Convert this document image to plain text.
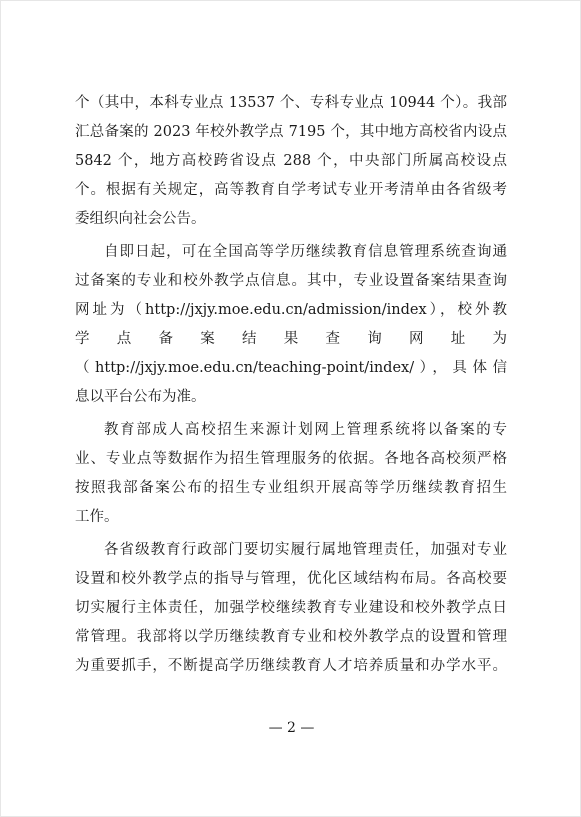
个（其中，本科专业点 13537 个、专科专业点 10944 个）。我部
汇总备案的 2023 年校外教学点 7195 个，其中地方高校省内设点
5842 个，地方高校跨省设点 288 个，中央部门所属高校设点
个。根据有关规定，高等教育自学考试专业开考清单由各省级考
委组织向社会公告。
自即日起，可在全国高等学历继续教育信息管理系统查询通
过备案的专业和校外教学点信息。其中，专业设置备案结果查询
网址为（http://jxjy.moe.edu.cn/admission/index），校外教
学　点　备　案　结　果　查　询　网　址　为
（http://jxjy.moe.edu.cn/teaching-point/index/），具体信
息以平台公布为准。
教育部成人高校招生来源计划网上管理系统将以备案的专
业、专业点等数据作为招生管理服务的依据。各地各高校须严格
按照我部备案公布的招生专业组织开展高等学历继续教育招生
工作。
各省级教育行政部门要切实履行属地管理责任，加强对专业
设置和校外教学点的指导与管理，优化区域结构布局。各高校要
切实履行主体责任，加强学校继续教育专业建设和校外教学点日
常管理。我部将以学历继续教育专业和校外教学点的设置和管理
为重要抓手，不断提高学历继续教育人才培养质量和办学水平。
— 2 —
